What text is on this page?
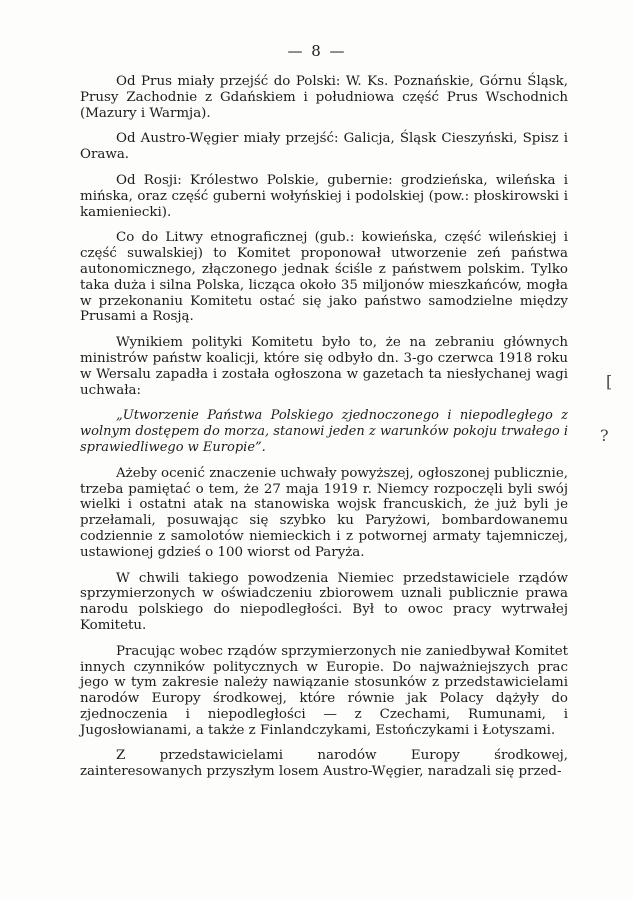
— 8 —

Od Prus miały przejść do Polski: W. Ks. Poznańskie, Górnu Śląsk, Prusy Zachodnie z Gdańskiem i południowa część Prus Wschodnich (Mazury i Warmja).

Od Austro-Węgier miały przejść: Galicja, Śląsk Cieszyński, Spisz i Orawa.

Od Rosji: Królestwo Polskie, gubernie: grodzieńska, wileńska i mińska, oraz część guberni wołyńskiej i podolskiej (pow.: płoskirowski i kamieniecki).

Co do Litwy etnograficznej (gub.: kowieńska, część wileńskiej i część suwalskiej) to Komitet proponował utworzenie zeń państwa autonomicznego, złączonego jednak ściśle z państwem polskim. Tylko taka duża i silna Polska, licząca około 35 miljonów mieszkańców, mogła w przekonaniu Komitetu ostać się jako państwo samodzielne między Prusami a Rosją.

Wynikiem polityki Komitetu było to, że na zebraniu głównych ministrów państw koalicji, które się odbyło dn. 3-go czerwca 1918 roku w Wersalu zapadła i została ogłoszona w gazetach ta niesłychanej wagi uchwała:

„Utworzenie Państwa Polskiego zjednoczonego i niepodległego z wolnym dostępem do morza, stanowi jeden z warunków pokoju trwałego i sprawiedliwego w Europie”.

Ażeby ocenić znaczenie uchwały powyższej, ogłoszonej publicznie, trzeba pamiętać o tem, że 27 maja 1919 r. Niemcy rozpoczęli byli swój wielki i ostatni atak na stanowiska wojsk francuskich, że już byli je przełamali, posuwając się szybko ku Paryżowi, bombardowanemu codziennie z samolotów niemieckich i z potwornej armaty tajemniczej, ustawionej gdzieś o 100 wiorst od Paryża.

W chwili takiego powodzenia Niemiec przedstawiciele rządów sprzymierzonych w oświadczeniu zbiorowem uznali publicznie prawa narodu polskiego do niepodległości. Był to owoc pracy wytrwałej Komitetu.

Pracując wobec rządów sprzymierzonych nie zaniedbywał Komitet innych czynników politycznych w Europie. Do najważniejszych prac jego w tym zakresie należy nawiązanie stosunków z przedstawicielami narodów Europy środkowej, które równie jak Polacy dążyły do zjednoczenia i niepodległości — z Czechami, Rumunami, i Jugosłowianami, a także z Finlandczykami, Estończykami i Łotyszami.

Z przedstawicielami narodów Europy środkowej, zainteresowanych przyszłym losem Austro-Węgier, naradzali się przed-

[
?
